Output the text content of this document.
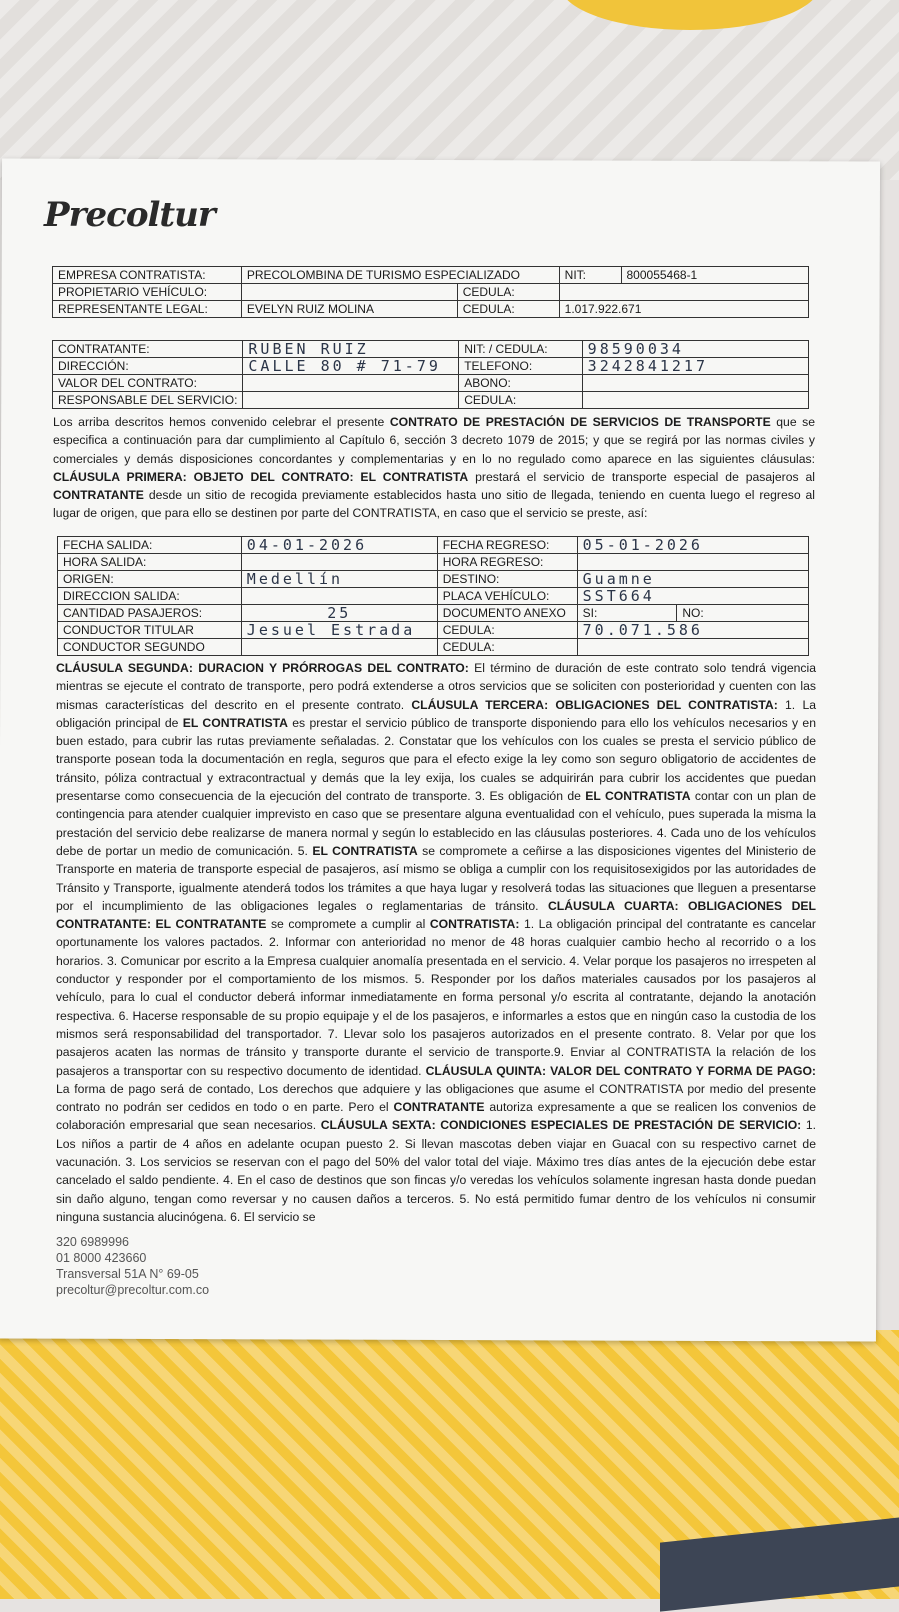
Precoltur
EMPRESA CONTRATISTA:	PRECOLOMBINA DE TURISMO ESPECIALIZADO		NIT:	800055468-1
PROPIETARIO VEHÍCULO:		CEDULA:		
REPRESENTANTE LEGAL:	EVELYN RUIZ MOLINA	CEDULA:	1.017.922.671	
CONTRATANTE:	RUBEN RUIZ	NIT: / CEDULA:	98590034
DIRECCIÓN:	CALLE 80 # 71-79	TELEFONO:	3242841217
VALOR DEL CONTRATO:		ABONO:	
RESPONSABLE DEL SERVICIO:		CEDULA:	

Los arriba descritos hemos convenido celebrar el presente CONTRATO DE PRESTACIÓN DE SERVICIOS DE TRANSPORTE que se especifica a continuación para dar cumplimiento al Capítulo 6, sección 3 decreto 1079 de 2015; y que se regirá por las normas civiles y comerciales y demás disposiciones concordantes y complementarias y en lo no regulado como aparece en las siguientes cláusulas: CLÁUSULA PRIMERA: OBJETO DEL CONTRATO: EL CONTRATISTA prestará el servicio de transporte especial de pasajeros al CONTRATANTE desde un sitio de recogida previamente establecidos hasta uno sitio de llegada, teniendo en cuenta luego el regreso al lugar de origen, que para ello se destinen por parte del CONTRATISTA, en caso que el servicio se preste, así:

FECHA SALIDA:	04-01-2026	FECHA REGRESO:	05-01-2026	
HORA SALIDA:		HORA REGRESO:		
ORIGEN:	Medellín	DESTINO:	Guamne	
DIRECCION SALIDA:		PLACA VEHÍCULO:	SST664	
CANTIDAD PASAJEROS:	25	DOCUMENTO ANEXO	SI:	NO:
CONDUCTOR TITULAR	Jesuel Estrada	CEDULA:	70.071.586	
CONDUCTOR SEGUNDO		CEDULA:		

CLÁUSULA SEGUNDA: DURACION Y PRÓRROGAS DEL CONTRATO: El término de duración de este contrato solo tendrá vigencia mientras se ejecute el contrato de transporte, pero podrá extenderse a otros servicios que se soliciten con posterioridad y cuenten con las mismas características del descrito en el presente contrato. CLÁUSULA TERCERA: OBLIGACIONES DEL CONTRATISTA: 1. La obligación principal de EL CONTRATISTA es prestar el servicio público de transporte disponiendo para ello los vehículos necesarios y en buen estado, para cubrir las rutas previamente señaladas. 2. Constatar que los vehículos con los cuales se presta el servicio público de transporte posean toda la documentación en regla, seguros que para el efecto exige la ley como son seguro obligatorio de accidentes de tránsito, póliza contractual y extracontractual y demás que la ley exija, los cuales se adquirirán para cubrir los accidentes que puedan presentarse como consecuencia de la ejecución del contrato de transporte. 3. Es obligación de EL CONTRATISTA contar con un plan de contingencia para atender cualquier imprevisto en caso que se presentare alguna eventualidad con el vehículo, pues superada la misma la prestación del servicio debe realizarse de manera normal y según lo establecido en las cláusulas posteriores. 4. Cada uno de los vehículos debe de portar un medio de comunicación. 5. EL CONTRATISTA se compromete a ceñirse a las disposiciones vigentes del Ministerio de Transporte en materia de transporte especial de pasajeros, así mismo se obliga a cumplir con los requisitosexigidos por las autoridades de Tránsito y Transporte, igualmente atenderá todos los trámites a que haya lugar y resolverá todas las situaciones que lleguen a presentarse por el incumplimiento de las obligaciones legales o reglamentarias de tránsito. CLÁUSULA CUARTA: OBLIGACIONES DEL CONTRATANTE: EL CONTRATANTE se compromete a cumplir al CONTRATISTA: 1. La obligación principal del contratante es cancelar oportunamente los valores pactados. 2. Informar con anterioridad no menor de 48 horas cualquier cambio hecho al recorrido o a los horarios. 3. Comunicar por escrito a la Empresa cualquier anomalía presentada en el servicio. 4. Velar porque los pasajeros no irrespeten al conductor y responder por el comportamiento de los mismos. 5. Responder por los daños materiales causados por los pasajeros al vehículo, para lo cual el conductor deberá informar inmediatamente en forma personal y/o escrita al contratante, dejando la anotación respectiva. 6. Hacerse responsable de su propio equipaje y el de los pasajeros, e informarles a estos que en ningún caso la custodia de los mismos será responsabilidad del transportador. 7. Llevar solo los pasajeros autorizados en el presente contrato. 8. Velar por que los pasajeros acaten las normas de tránsito y transporte durante el servicio de transporte.9. Enviar al CONTRATISTA la relación de los pasajeros a transportar con su respectivo documento de identidad. CLÁUSULA QUINTA: VALOR DEL CONTRATO Y FORMA DE PAGO: La forma de pago será de contado, Los derechos que adquiere y las obligaciones que asume el CONTRATISTA por medio del presente contrato no podrán ser cedidos en todo o en parte. Pero el CONTRATANTE autoriza expresamente a que se realicen los convenios de colaboración empresarial que sean necesarios. CLÁUSULA SEXTA: CONDICIONES ESPECIALES DE PRESTACIÓN DE SERVICIO: 1. Los niños a partir de 4 años en adelante ocupan puesto 2. Si llevan mascotas deben viajar en Guacal con su respectivo carnet de vacunación. 3. Los servicios se reservan con el pago del 50% del valor total del viaje. Máximo tres días antes de la ejecución debe estar cancelado el saldo pendiente. 4. En el caso de destinos que son fincas y/o veredas los vehículos solamente ingresan hasta donde puedan sin daño alguno, tengan como reversar y no causen daños a terceros. 5. No está permitido fumar dentro de los vehículos ni consumir ninguna sustancia alucinógena. 6. El servicio se

320 6989996
01 8000 423660
Transversal 51A N° 69-05
precoltur@precoltur.com.co
